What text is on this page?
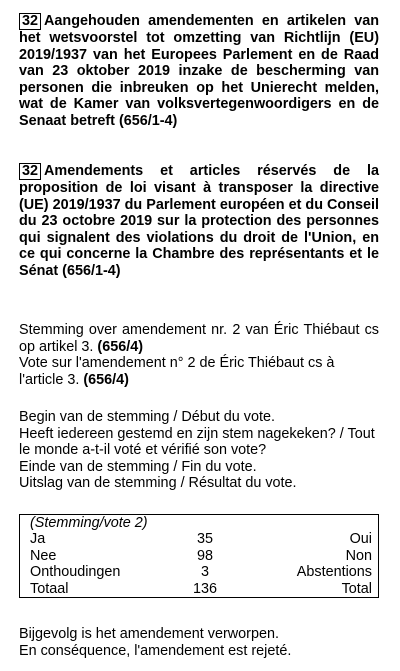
32 Aangehouden amendementen en artikelen van het wetsvoorstel tot omzetting van Richtlijn (EU) 2019/1937 van het Europees Parlement en de Raad van 23 oktober 2019 inzake de bescherming van personen die inbreuken op het Unierecht melden, wat de Kamer van volksvertegenwoordigers en de Senaat betreft (656/1-4)

32 Amendements et articles réservés de la proposition de loi visant à transposer la directive (UE) 2019/1937 du Parlement européen et du Conseil du 23 octobre 2019 sur la protection des personnes qui signalent des violations du droit de l'Union, en ce qui concerne la Chambre des représentants et le Sénat (656/1-4)

Stemming over amendement nr. 2 van Éric Thiébaut cs op artikel 3. (656/4)

Vote sur l'amendement n° 2 de Éric Thiébaut cs à l'article 3. (656/4)

Begin van de stemming / Début du vote.
Heeft iedereen gestemd en zijn stem nagekeken? / Tout le monde a-t-il voté et vérifié son vote?
Einde van de stemming / Fin du vote.
Uitslag van de stemming / Résultat du vote.
(Stemming/vote 2)
Ja	35	Oui
Nee	98	Non
Onthoudingen	3	Abstentions
Totaal	136	Total
Bijgevolg is het amendement verworpen.
En conséquence, l'amendement est rejeté.
